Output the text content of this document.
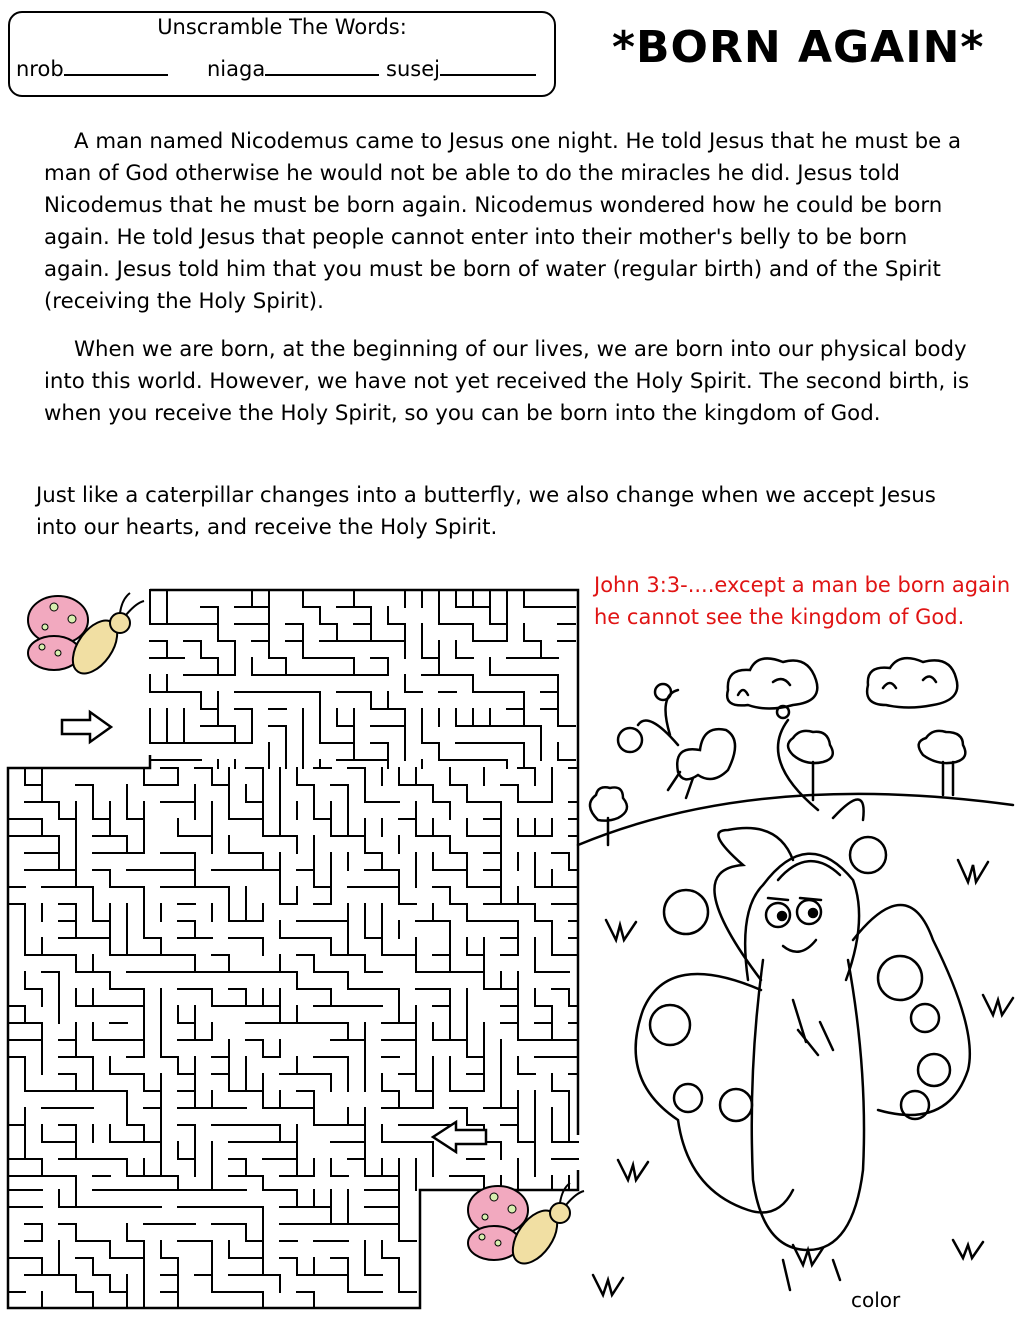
Unscramble The Words:
nrob	niaga	susej	*BORN AGAIN*

A man named Nicodemus came to Jesus one night. He told Jesus that he must be a man of God otherwise he would not be able to do the miracles he did. Jesus told Nicodemus that he must be born again. Nicodemus wondered how he could be born again. He told Jesus that people cannot enter into their mother's belly to be born again. Jesus told him that you must be born of water (regular birth) and of the Spirit (receiving the Holy Spirit).

When we are born, at the beginning of our lives, we are born into our physical body into this world. However, we have not yet received the Holy Spirit. The second birth, is when you receive the Holy Spirit, so you can be born into the kingdom of God.

Just like a caterpillar changes into a butterfly, we also change when we accept Jesus into our hearts, and receive the Holy Spirit.

John 3:3-....except a man be born again he cannot see the kingdom of God.

color
